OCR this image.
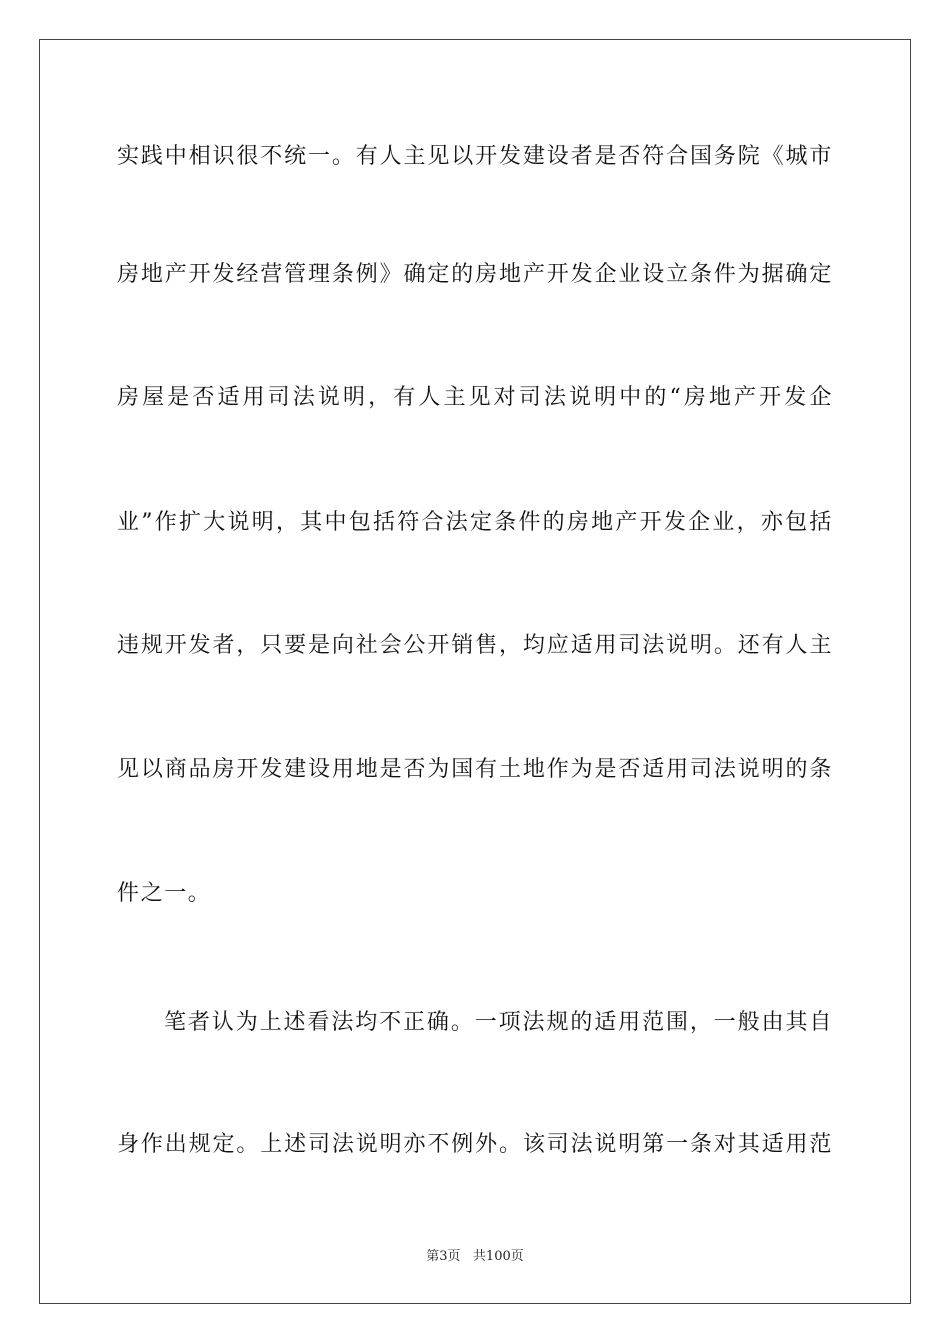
实践中相识很不统一。有人主见以开发建设者是否符合国务院《城市

房地产开发经营管理条例》确定的房地产开发企业设立条件为据确定

房屋是否适用司法说明，有人主见对司法说明中的“房地产开发企

业”作扩大说明，其中包括符合法定条件的房地产开发企业，亦包括

违规开发者，只要是向社会公开销售，均应适用司法说明。还有人主

见以商品房开发建设用地是否为国有土地作为是否适用司法说明的条

件之一。

笔者认为上述看法均不正确。一项法规的适用范围，一般由其自

身作出规定。上述司法说明亦不例外。该司法说明第一条对其适用范

第3页 共100页
